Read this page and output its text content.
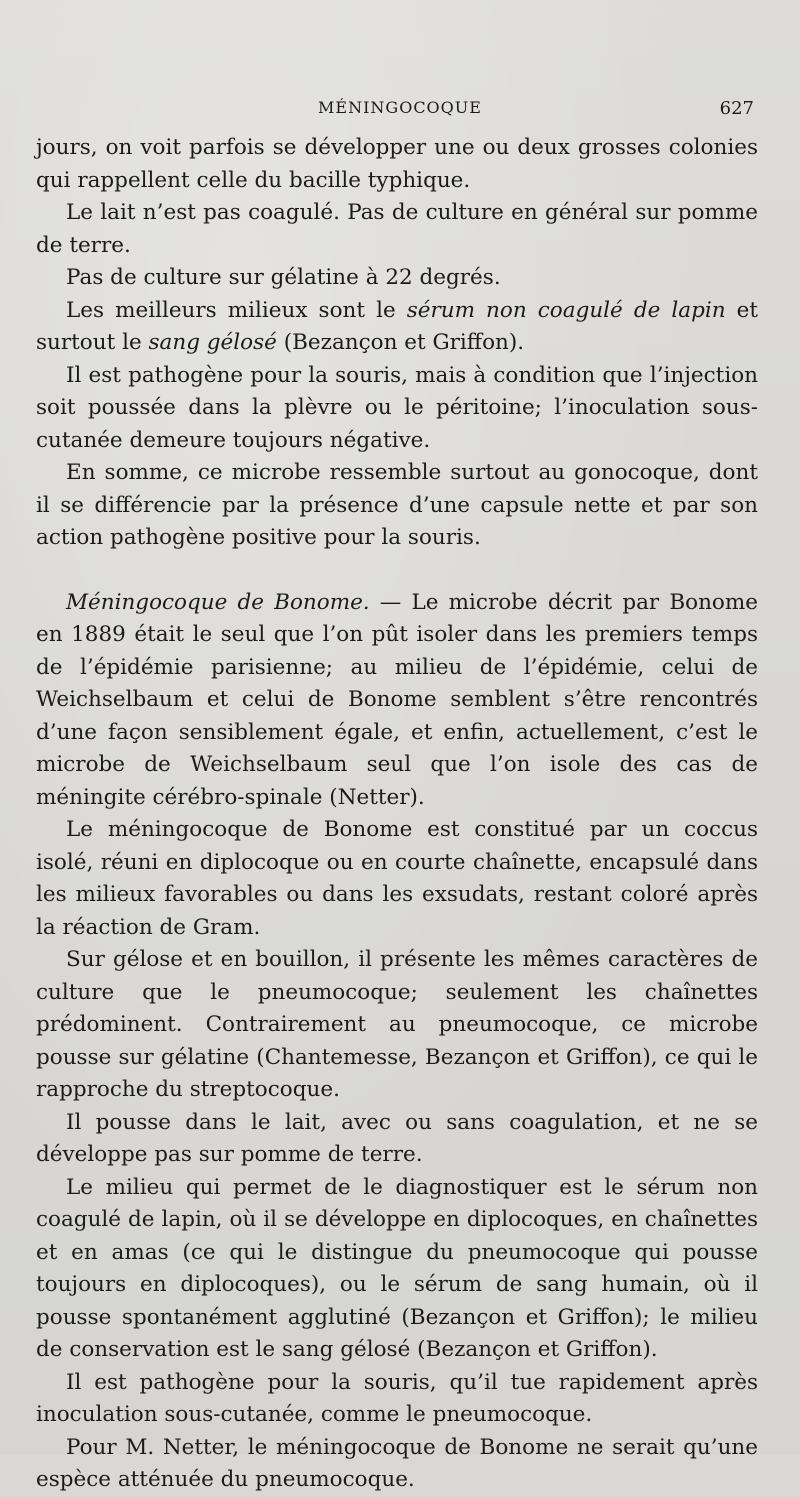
MÉNINGOCOQUE	627

jours, on voit parfois se développer une ou deux grosses colonies qui rappellent celle du bacille typhique.

Le lait n’est pas coagulé. Pas de culture en général sur pomme de terre.

Pas de culture sur gélatine à 22 degrés.

Les meilleurs milieux sont le sérum non coagulé de lapin et surtout le sang gélosé (Bezançon et Griffon).

Il est pathogène pour la souris, mais à condition que l’injection soit poussée dans la plèvre ou le péritoine; l’inoculation sous-cutanée demeure toujours négative.

En somme, ce microbe ressemble surtout au gonocoque, dont il se différencie par la présence d’une capsule nette et par son action pathogène positive pour la souris.

Méningocoque de Bonome. — Le microbe décrit par Bonome en 1889 était le seul que l’on pût isoler dans les premiers temps de l’épidémie parisienne; au milieu de l’épidémie, celui de Weichselbaum et celui de Bonome semblent s’être rencontrés d’une façon sensiblement égale, et enfin, actuellement, c’est le microbe de Weichselbaum seul que l’on isole des cas de méningite cérébro-spinale (Netter).

Le méningocoque de Bonome est constitué par un coccus isolé, réuni en diplocoque ou en courte chaînette, encapsulé dans les milieux favorables ou dans les exsudats, restant coloré après la réaction de Gram.

Sur gélose et en bouillon, il présente les mêmes caractères de culture que le pneumocoque; seulement les chaînettes prédominent. Contrairement au pneumocoque, ce microbe pousse sur gélatine (Chantemesse, Bezançon et Griffon), ce qui le rapproche du streptocoque.

Il pousse dans le lait, avec ou sans coagulation, et ne se développe pas sur pomme de terre.

Le milieu qui permet de le diagnostiquer est le sérum non coagulé de lapin, où il se développe en diplocoques, en chaînettes et en amas (ce qui le distingue du pneumocoque qui pousse toujours en diplocoques), ou le sérum de sang humain, où il pousse spontanément agglutiné (Bezançon et Griffon); le milieu de conservation est le sang gélosé (Bezançon et Griffon).

Il est pathogène pour la souris, qu’il tue rapidement après inoculation sous-cutanée, comme le pneumocoque.

Pour M. Netter, le méningocoque de Bonome ne serait qu’une espèce atténuée du pneumocoque.
